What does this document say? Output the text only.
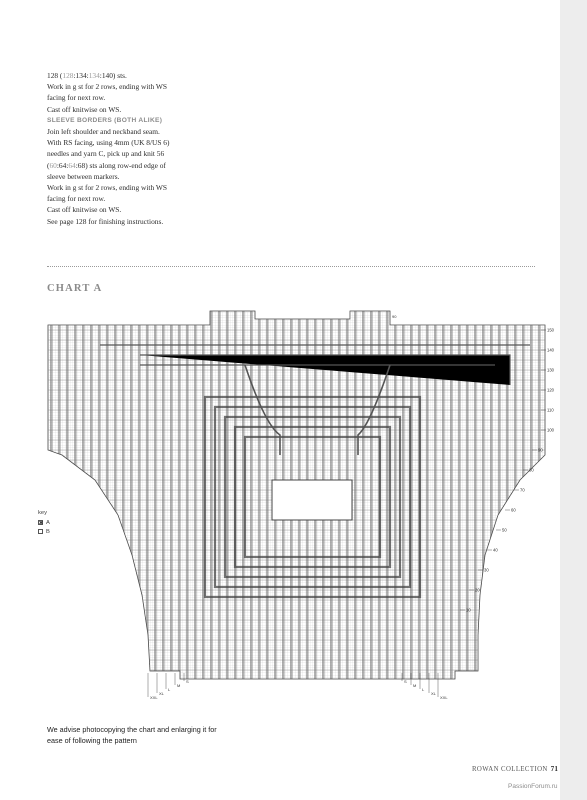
128 (128:134:134:140) sts.

Work in g st for 2 rows, ending with WS

facing for next row.

Cast off knitwise on WS.

SLEEVE BORDERS (BOTH ALIKE)

Join left shoulder and neckband seam.

With RS facing, using 4mm (UK 8/US 6)

needles and yarn C, pick up and knit 56

(60:64:64:68) sts along row-end edge of

sleeve between markers.

Work in g st for 2 rows, ending with WS

facing for next row.

Cast off knitwise on WS.

See page 128 for finishing instructions.

CHART A
150
140
130
120
110
100
90
80
70
60
50
40
30
20
10
XXL
XL
L
M
S	S
M
L
XL
XXL
90
key
A
B
We advise photocopying the chart and enlarging it for
ease of following the pattern
ROWAN COLLECTION 71
PassionForum.ru
